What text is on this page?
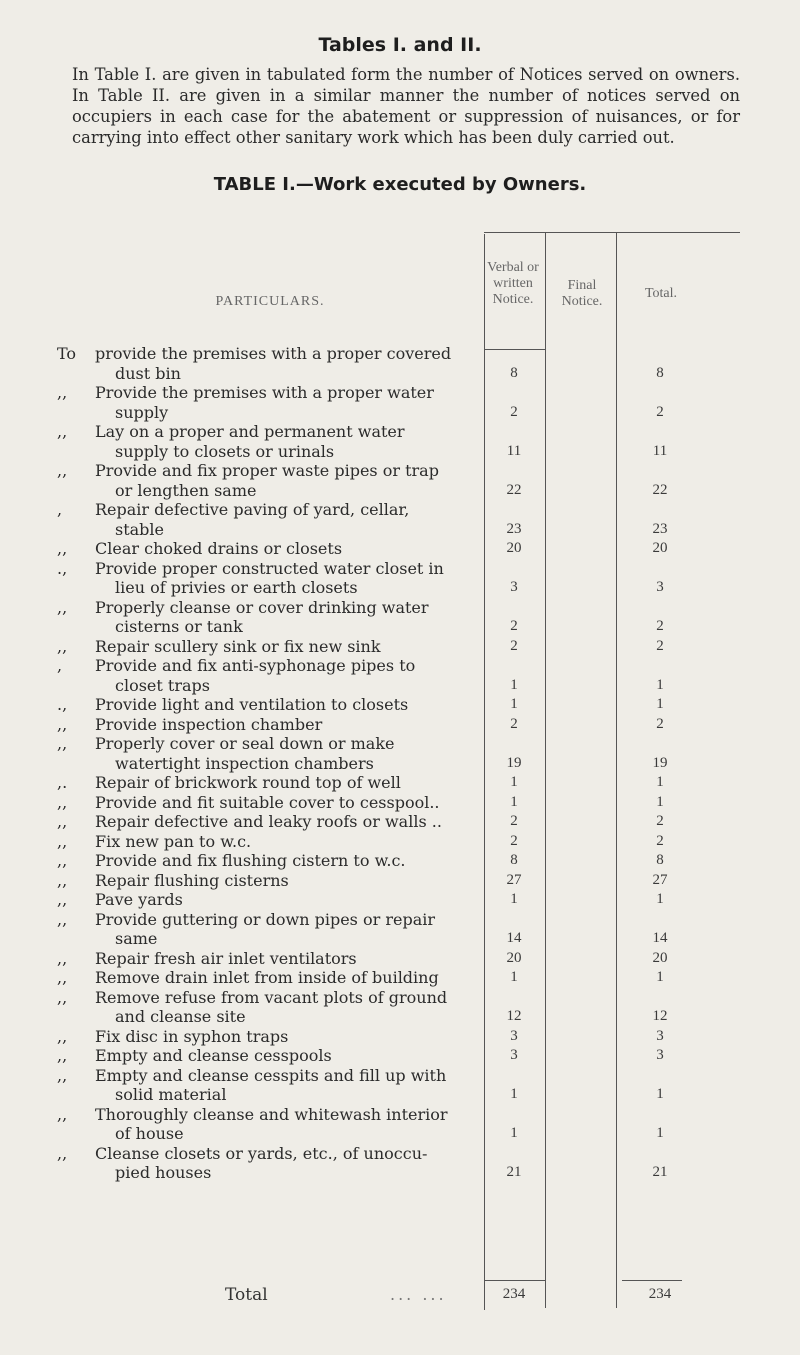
Tables I. and II.
In Table I. are given in tabulated form the number of Notices served on owners. In Table II. are given in a similar manner the number of notices served on occupiers in each case for the abatement or suppression of nuisances, or for carrying into effect other sanitary work which has been duly carried out.
TABLE I.—Work executed by Owners.
PARTICULARS.
Verbal or written Notice.
Final Notice.
Total.
To provide the premises with a proper covered
dust bin	8	8
,,	Provide the premises with a proper water
supply	2	2
,,	Lay on a proper and permanent water
supply to closets or urinals	11	11
,,	Provide and fix proper waste pipes or trap
or lengthen same	22	22
,	Repair defective paving of yard, cellar,
stable	23	23
,,	Clear choked drains or closets	20	20
.,	Provide proper constructed water closet in
lieu of privies or earth closets	3	3
,,	Properly cleanse or cover drinking water
cisterns or tank	2	2
,,	Repair scullery sink or fix new sink	2	2
,	Provide and fix anti-syphonage pipes to
closet traps	1	1
.,	Provide light and ventilation to closets	1	1
,,	Provide inspection chamber	2	2
,,	Properly cover or seal down or make
watertight inspection chambers	19	19
,.	Repair of brickwork round top of well	1	1
,,	Provide and fit suitable cover to cesspool..	1	1
,,	Repair defective and leaky roofs or walls ..	2	2
,,	Fix new pan to w.c.	2	2
,,	Provide and fix flushing cistern to w.c.	8	8
,,	Repair flushing cisterns	27	27
,,	Pave yards	1	1
,,	Provide guttering or down pipes or repair
same	14	14
,,	Repair fresh air inlet ventilators	20	20
,,	Remove drain inlet from inside of building	1	1
,,	Remove refuse from vacant plots of ground
and cleanse site	12	12
,,	Fix disc in syphon traps	3	3
,,	Empty and cleanse cesspools	3	3
,,	Empty and cleanse cesspits and fill up with
solid material	1	1
,,	Thoroughly cleanse and whitewash interior
of house	1	1
,,	Cleanse closets or yards, etc., of unoccu-
pied houses	21	21
Total	... ...	234	234
